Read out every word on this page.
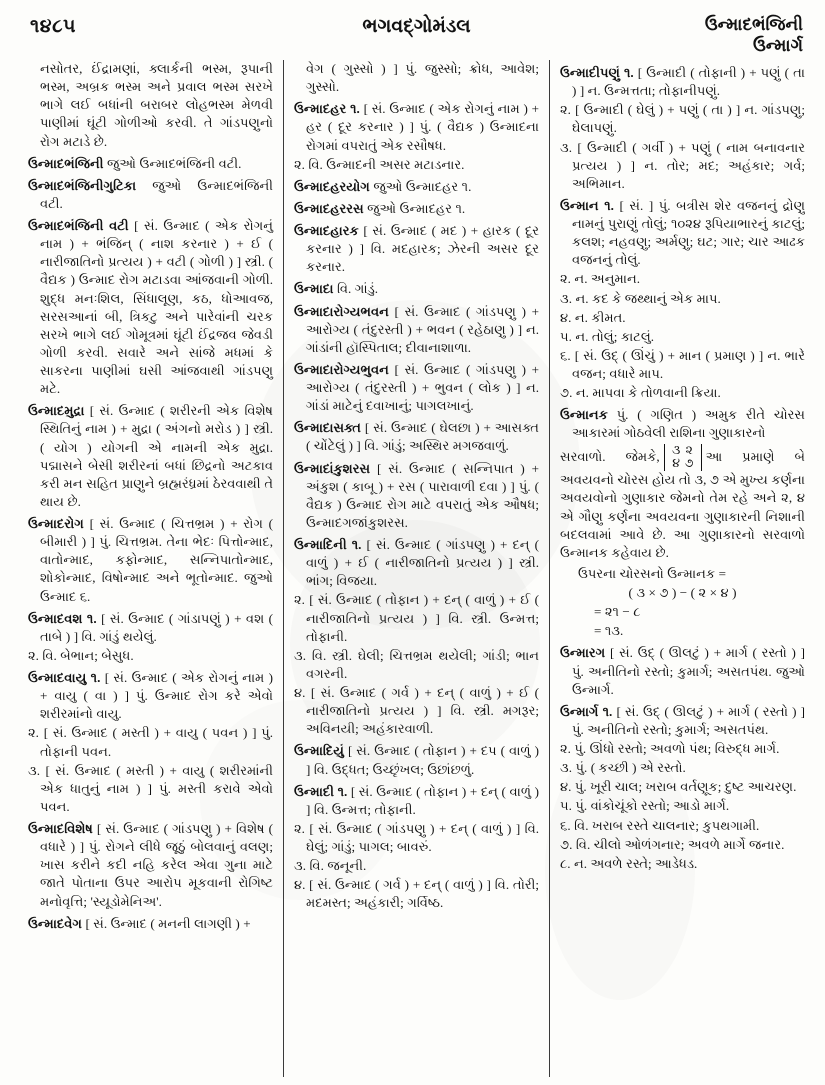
૧૪૮૫	ભગવદ્ગોમંડલ	ઉન્માદભંજિની
ઉન્માર્ગ
નસોતર, ઈંદ્રામણાં, ક્લાર્કની ભસ્મ, રૂપાની ભસ્મ, અબ્રક ભસ્મ અને પ્રવાલ ભસ્મ સરખે ભાગે લઈ બધાંની બરાબર લોહભસ્મ મેળવી પાણીમાં ઘૂંટી ગોળીઓ કરવી. તે ગાંડપણુનો રોગ મટાડે છે.
ઉન્માદભંજિની જુઓ ઉન્માદભંજિની વટી.
ઉન્માદભંજિનીગુટિકા જુઓ ઉન્માદભંજિની વટી.
ઉન્માદભંજિની વટી [ સં. ઉન્માદ ( એક રોગનું નામ ) + ભંજિન્ ( નાશ કરનાર ) + ઈ ( નારીજાતિનો પ્રત્યય ) + વટી ( ગોળી ) ] સ્ત્રી. ( વૈદ્યક ) ઉન્માદ રોગ મટાડવા આંજવાની ગોળી. શુદ્ધ મનઃશિલ, સિંધાલૂણ, કઠ, ધોઆવજ, સરસઆનાં બી, ત્રિકટુ અને પારેવાંની ચરક સરખે ભાગે લઈ ગોમૂત્રમાં ઘૂંટી ઈંદ્રજવ જેવડી ગોળી કરવી. સવારે અને સાંજે મધમાં કે સાકરના પાણીમાં ઘસી આંજવાથી ગાંડપણુ મટે.
ઉન્માદમુદ્રા [ સં. ઉન્માદ ( શરીરની એક વિશેષ સ્થિતિનું નામ ) + મુદ્રા ( અંગનો મરોડ ) ] સ્ત્રી. ( યોગ ) યોગની એ નામની એક મુદ્રા. પદ્માસને બેસી શરીરનાં બધાં છિદ્રનો અટકાવ કરી મન સહિત પ્રાણુને બ્રહ્મરંધ્રમાં ઠેરવવાથી તે થાય છે.
ઉન્માદરોગ [ સં. ઉન્માદ ( ચિત્તભ્રમ ) + રોગ ( બીમારી ) ] પું. ચિત્તભ્રમ. તેના ભેદઃ પિત્તોન્માદ, વાતોન્માદ, કફોન્માદ, સન્નિપાતોન્માદ, શોકોન્માદ, વિષોન્માદ અને ભૂતોન્માદ. જુઓ ઉન્માદ ૬.
ઉન્માદવશ ૧. [ સં. ઉન્માદ ( ગાંડાપણું ) + વશ ( તાબે ) ] વિ. ગાંડું થયેલું.
૨. વિ. બેભાન; બેસુધ.
ઉન્માદવાયુ ૧. [ સં. ઉન્માદ ( એક રોગનું નામ ) + વાયુ ( વા ) ] પું. ઉન્માદ રોગ કરે એવો શરીરમાંનો વાયુ.
૨. [ સં. ઉન્માદ ( મસ્તી ) + વાયુ ( પવન ) ] પું. તોફાની પવન.
૩. [ સં. ઉન્માદ ( મસ્તી ) + વાયુ ( શરીરમાંની એક ધાતુનું નામ ) ] પું. મસ્તી કરાવે એવો પવન.
ઉન્માદવિશેષ [ સં. ઉન્માદ ( ગાંડપણુ ) + વિશેષ ( વધારે ) ] પું. રોગને લીધે જૂઠું બોલવાનું વલણ; ખાસ કરીને કદી નહિ કરેલ એવા ગુના માટે જાતે પોતાના ઉપર આરોપ મૂકવાની રોગિષ્ટ મનોવૃત્તિ; 'સ્યૂડોમેનિઅ'.
ઉન્માદવેગ [ સં. ઉન્માદ ( મનની લાગણી ) +
વેગ ( ગુસ્સો ) ] પું. જુસ્સો; ક્રોધ, આવેશ; ગુસ્સો.
ઉન્માદહર ૧. [ સં. ઉન્માદ ( એક રોગનું નામ ) + હર ( દૂર કરનાર ) ] પું. ( વૈદ્યક ) ઉન્માદના રોગમાં વપરાતું એક રસૌષધ.
૨. વિ. ઉન્માદની અસર મટાડનાર.
ઉન્માદહરયોગ જુઓ ઉન્માદહર ૧.
ઉન્માદહરરસ જુઓ ઉન્માદહર ૧.
ઉન્માદહારક [ સં. ઉન્માદ ( મદ ) + હારક ( દૂર કરનાર ) ] વિ. મદહારક; ઝેરની અસર દૂર કરનાર.
ઉન્માદા વિ. ગાંડું.
ઉન્માદારોગ્યભવન [ સં. ઉન્માદ ( ગાંડપણુ ) + આરોગ્ય ( તંદુરસ્તી ) + ભવન ( રહેઠાણુ ) ] ન. ગાંડાંની હૉસ્પિતાલ; દીવાનાશાળા.
ઉન્માદારોગ્યભુવન [ સં. ઉન્માદ ( ગાંડપણુ ) + આરોગ્ય ( તંદુરસ્તી ) + ભુવન ( લોક ) ] ન. ગાંડાં માટેનું દવાખાનું; પાગલખાનું.
ઉન્માદાસક્ત [ સં. ઉન્માદ ( ઘેલછા ) + આસક્ત ( ચોંટેલું ) ] વિ. ગાંડું; અસ્થિર મગજવાળું.
ઉન્માદાંકુશરસ [ સં. ઉન્માદ ( સન્નિપાત ) + અંકુશ ( કાબૂ ) + રસ ( પારાવાળી દવા ) ] પું. ( વૈદ્યક ) ઉન્માદ રોગ માટે વપરાતું એક ઔષધ; ઉન્માદગજાંકુશરસ.
ઉન્માદિની ૧. [ સં. ઉન્માદ ( ગાંડપણુ ) + દન્ ( વાળું ) + ઈ ( નારીજાતિનો પ્રત્યય ) ] સ્ત્રી. ભાંગ; વિજયા.
૨. [ સં. ઉન્માદ ( તોફાન ) + દન્ ( વાળું ) + ઈ ( નારીજાતિનો પ્રત્યય ) ] વિ. સ્ત્રી. ઉન્મત્ત; તોફાની.
૩. વિ. સ્ત્રી. ઘેલી; ચિત્તભ્રમ થયેલી; ગાંડી; ભાન વગરની.
૪. [ સં. ઉન્માદ ( ગર્વ ) + દન્ ( વાળું ) + ઈ ( નારીજાતિનો પ્રત્યય ) ] વિ. સ્ત્રી. મગરૂર; અવિનયી; અહંકારવાળી.
ઉન્માદિયું [ સં. ઉન્માદ ( તોફાન ) + દપ ( વાળું ) ] વિ. ઉદ્ધત; ઉચ્છૃંખલ; ઉછાંછળું.
ઉન્માદી ૧. [ સં. ઉન્માદ ( તોફાન ) + દન્ ( વાળું ) ] વિ. ઉન્મત્ત; તોફાની.
૨. [ સં. ઉન્માદ ( ગાંડપણુ ) + દન્ ( વાળું ) ] વિ. ઘેલું; ગાંડું; પાગલ; બાવરું.
૩. વિ. જનૂની.
૪. [ સં. ઉન્માદ ( ગર્વ ) + દન્ ( વાળું ) ] વિ. તોરી; મદમસ્ત; અહંકારી; ગર્વિષ્ઠ.
ઉન્માદીપણું ૧. [ ઉન્માદી ( તોફાની ) + પણું ( તા ) ] ન. ઉન્મત્તતા; તોફાનીપણું.
૨. [ ઉન્માદી ( ઘેલું ) + પણું ( તા ) ] ન. ગાંડપણુ; ઘેલાપણું.
૩. [ ઉન્માદી ( ગર્વી ) + પણું ( નામ બનાવનાર પ્રત્યય ) ] ન. તોર; મદ; અહંકાર; ગર્વ; અભિમાન.
ઉન્માન ૧. [ સં. ] પું. બત્રીસ શેર વજનનું દ્રોણુ નામનું પુરાણું તોલું; ૧૦૨૪ રૂપિયાભારનું કાટલું; કલશ; નહવણુ; અર્મણુ; ઘટ; ગાર; ચાર આઢક વજનનું તોલું.
૨. ન. અનુમાન.
૩. ન. કદ કે જથ્થાનું એક માપ.
૪. ન. કીમત.
૫. ન. તોલું; કાટલું.
૬. [ સં. ઉદ્ ( ઊંચું ) + માન ( પ્રમાણ ) ] ન. ભારે વજન; વધારે માપ.
૭. ન. માપવા કે તોળવાની ક્રિયા.
ઉન્માનક પું. ( ગણિત ) અમુક રીતે ચોરસ આકારમાં ગોઠવેલી રાશિના ગુણાકારનો
સરવાળો. જેમકે, ૩ ૨
૪ ૭ આ પ્રમાણે બે અવયવનો ચોરસ હોય તો ૩, ૭ એ મુખ્ય કર્ણના અવયવોનો ગુણાકાર જેમનો તેમ રહે અને ૨, ૪ એ ગૌણુ કર્ણના અવયવના ગુણાકારની નિશાની બદલવામાં આવે છે. આ ગુણાકારનો સરવાળો ઉન્માનક કહેવાય છે.
ઉપરના ચોરસનો ઉન્માનક =
( ૩ × ૭ ) − ( ૨ × ૪ )
= ૨૧ − ૮
= ૧૩.
ઉન્મારગ [ સં. ઉદ્ ( ઊલટું ) + માર્ગ ( રસ્તો ) ] પું. અનીતિનો રસ્તો; કુમાર્ગ; અસતપંથ. જુઓ ઉન્માર્ગ.
ઉન્માર્ગ ૧. [ સં. ઉદ્ ( ઊલટું ) + માર્ગ ( રસ્તો ) ] પું. અનીતિનો રસ્તો; કુમાર્ગ; અસતપંથ.
૨. પું. ઊંધો રસ્તો; અવળો પંથ; વિરુદ્ધ માર્ગ.
૩. પું. ( કચ્છી ) એ રસ્તો.
૪. પું. ખૂરી ચાલ; ખરાબ વર્તણૂક; દુષ્ટ આચરણ.
૫. પું. વાંકોચૂંકો રસ્તો; આડો માર્ગ.
૬. વિ. ખરાબ રસ્તે ચાલનાર; કુપથગામી.
૭. વિ. ચીલો ઓળંગનાર; અવળે માર્ગે જનાર.
૮. ન. અવળે રસ્તે; આડેધડ.
